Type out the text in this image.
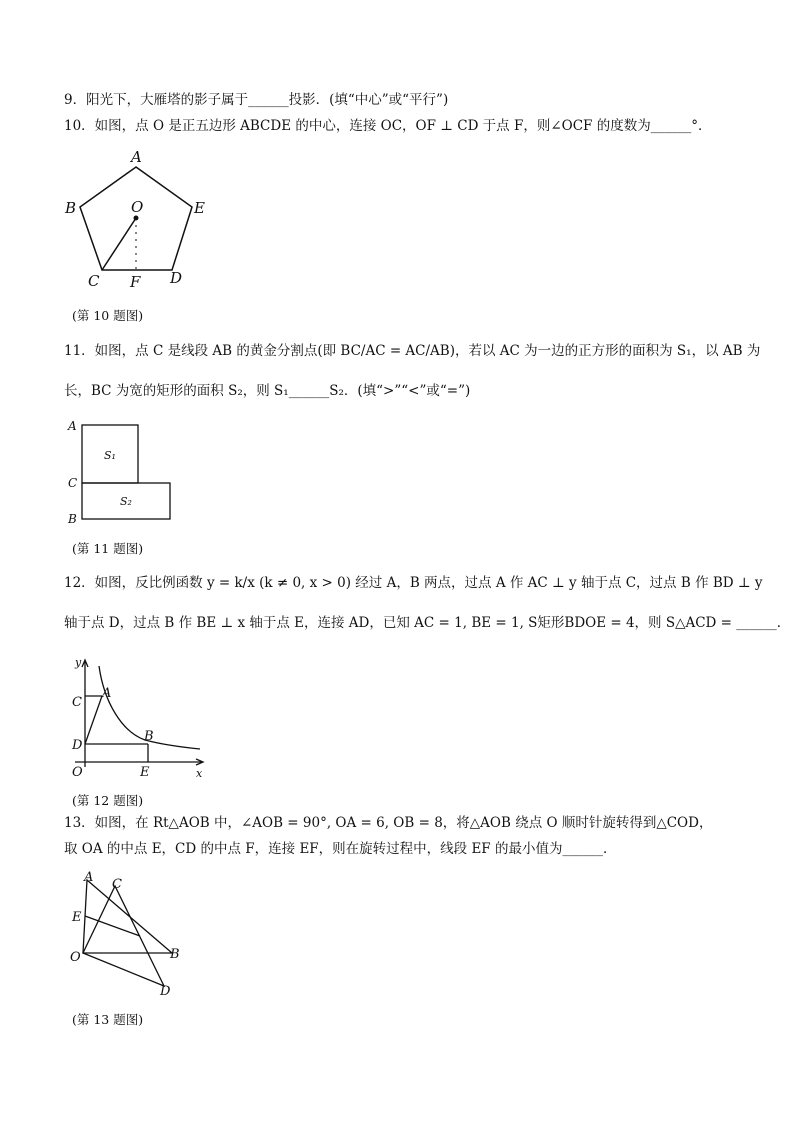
9．阳光下，大雁塔的影子属于______投影．(填“中心”或“平行”)
10．如图，点 O 是正五边形 ABCDE 的中心，连接 OC，OF ⊥ CD 于点 F，则∠OCF 的度数为______°．
A
B
C	D
E
O
F
(第 10 题图)
11．如图，点 C 是线段 AB 的黄金分割点(即 BC/AC = AC/AB)，若以 AC 为一边的正方形的面积为 S₁，以 AB 为
长，BC 为宽的矩形的面积 S₂，则 S₁______S₂．(填“>”“<”或“=”)
A
C
B
S₁
S₂
(第 11 题图)
12．如图，反比例函数 y = k/x (k ≠ 0, x > 0) 经过 A，B 两点，过点 A 作 AC ⊥ y 轴于点 C，过点 B 作 BD ⊥ y
轴于点 D，过点 B 作 BE ⊥ x 轴于点 E，连接 AD，已知 AC = 1, BE = 1, S矩形BDOE = 4，则 S△ACD = ______．
y
x
O
A
B
C
D
E
(第 12 题图)
13．如图，在 Rt△AOB 中，∠AOB = 90°, OA = 6, OB = 8，将△AOB 绕点 O 顺时针旋转得到△COD，
取 OA 的中点 E，CD 的中点 F，连接 EF，则在旋转过程中，线段 EF 的最小值为______．
A C
E
O	B
D
(第 13 题图)
